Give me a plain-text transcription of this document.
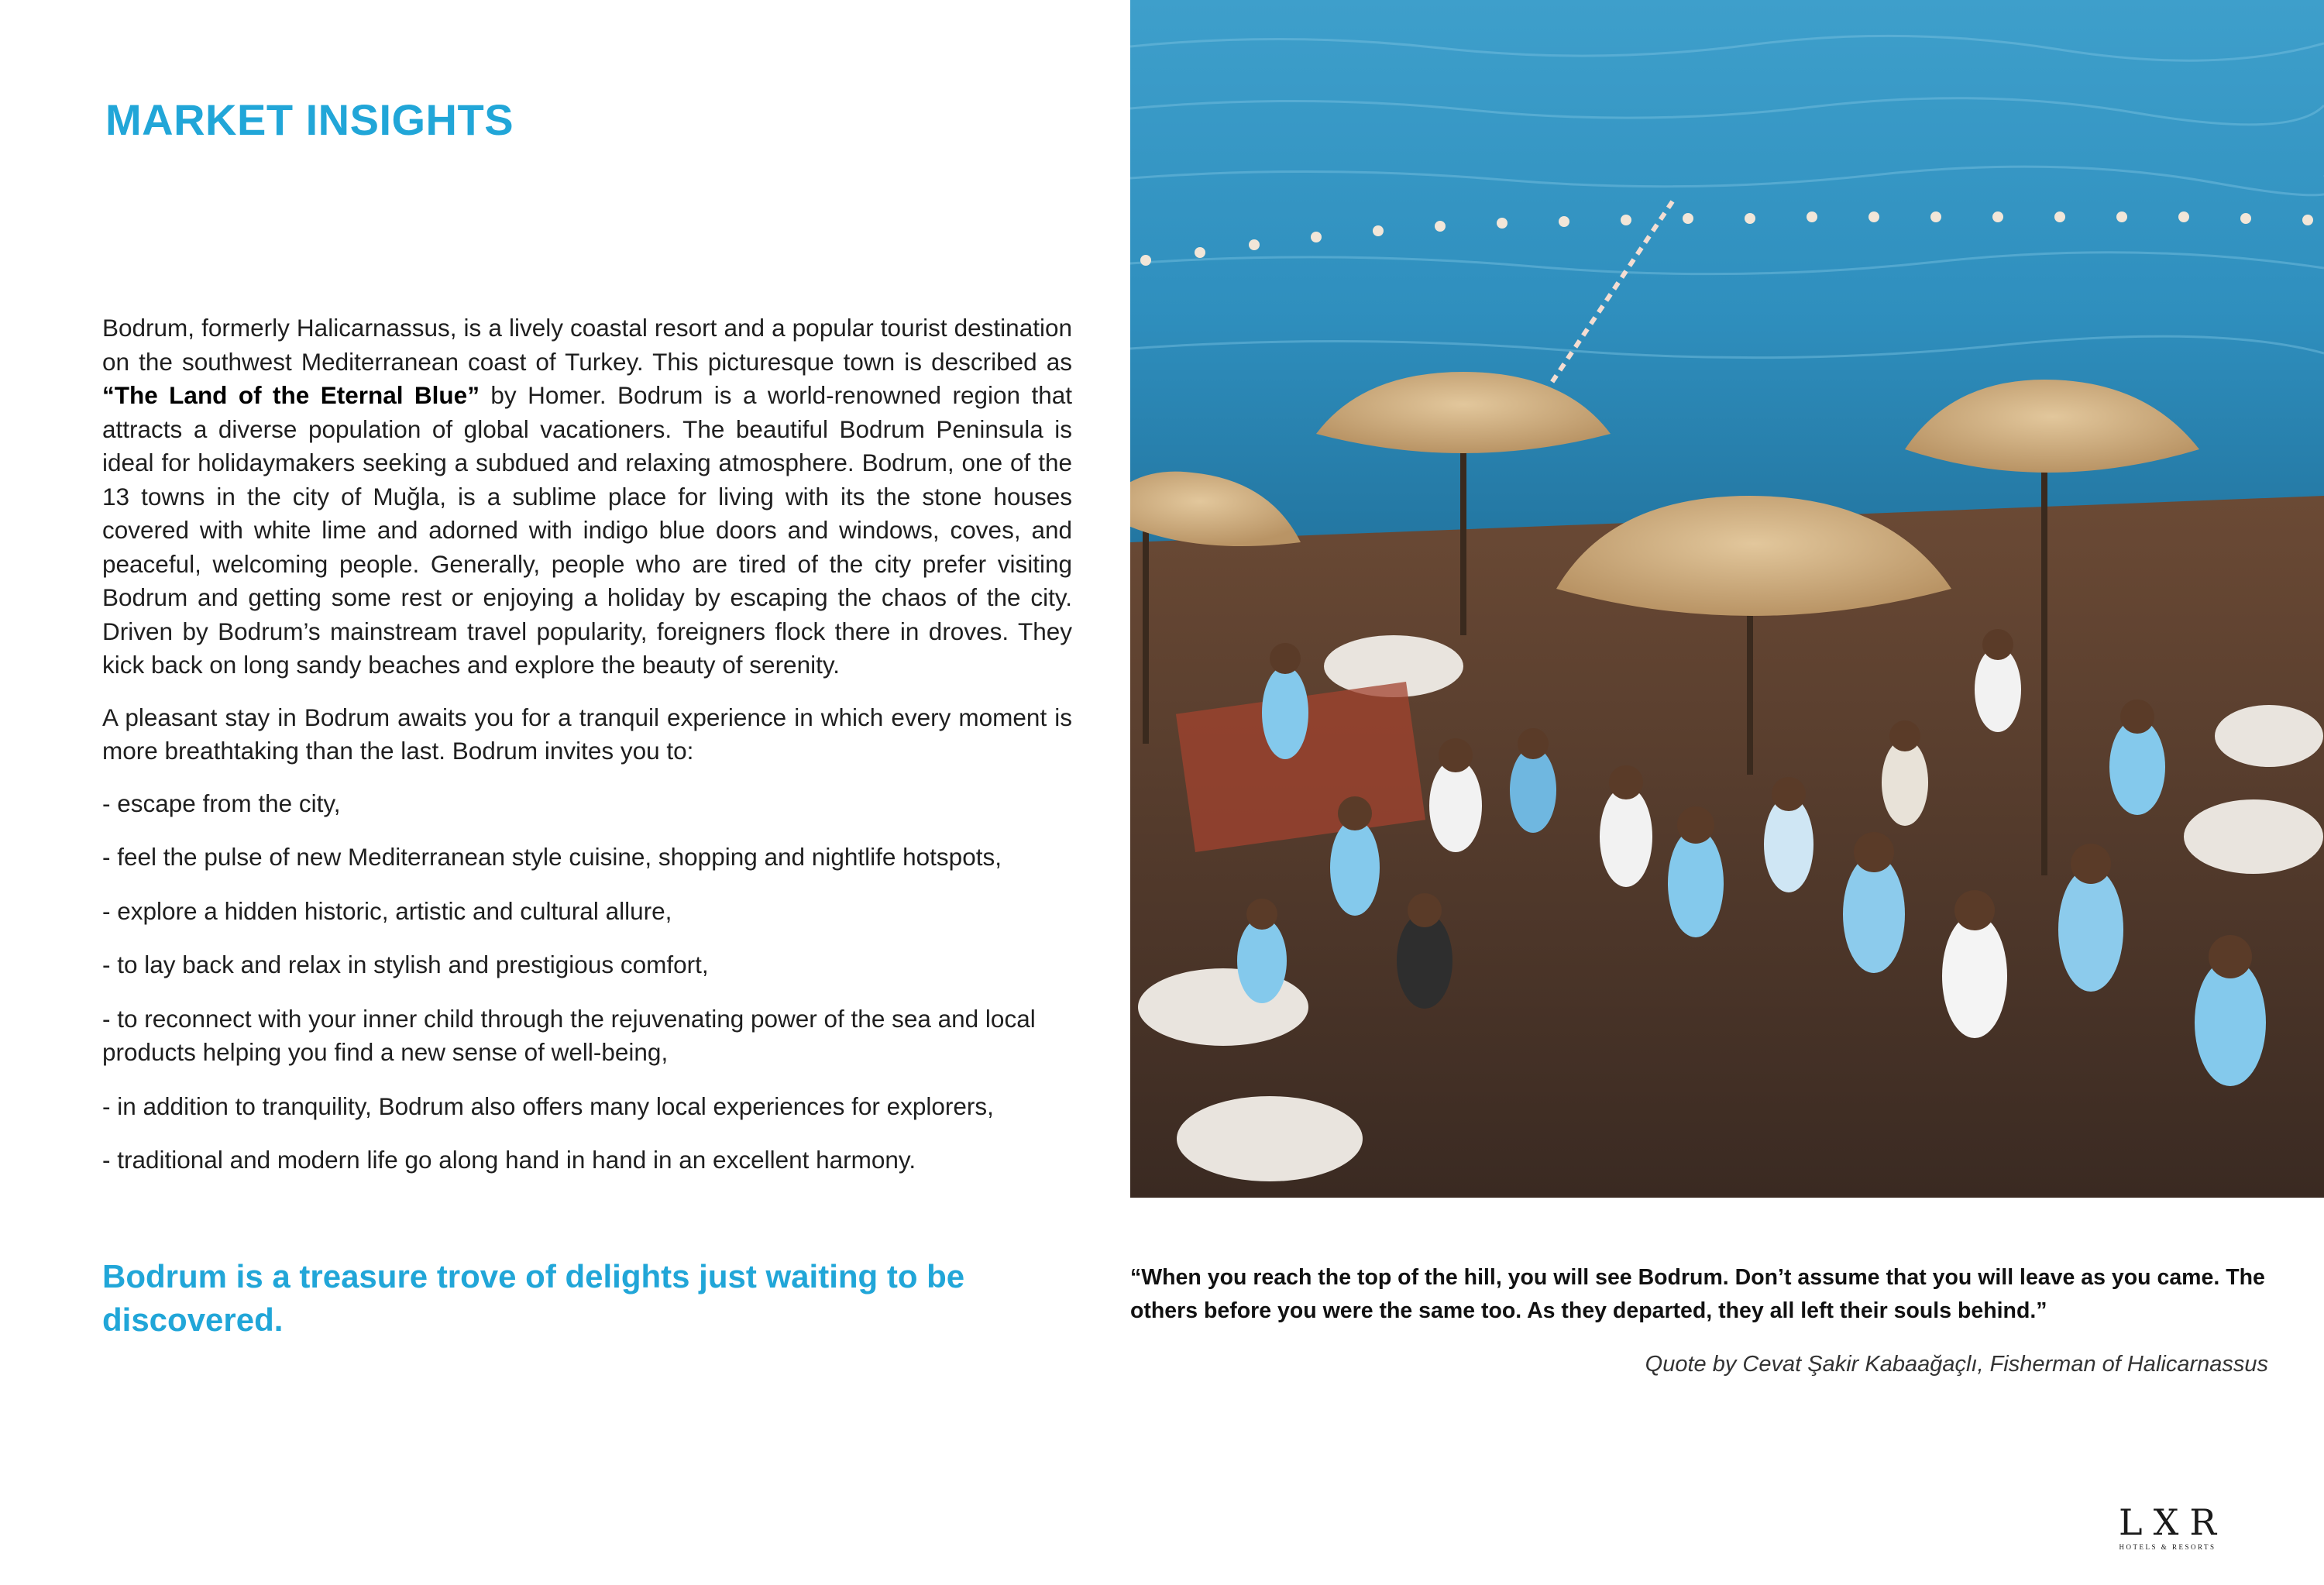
MARKET INSIGHTS

Bodrum, formerly Halicarnassus, is a lively coastal resort and a popular tourist destination on the southwest Mediterranean coast of Turkey. This picturesque town is described as “The Land of the Eternal Blue” by Homer. Bodrum is a world-renowned region that attracts a diverse population of global vacationers. The beautiful Bodrum Peninsula is ideal for holidaymakers seeking a subdued and relaxing atmosphere. Bodrum, one of the 13 towns in the city of Muğla, is a sublime place for living with its the stone houses covered with white lime and adorned with indigo blue doors and windows, coves, and peaceful, welcoming people. Generally, people who are tired of the city prefer visiting Bodrum and getting some rest or enjoying a holiday by escaping the chaos of the city. Driven by Bodrum’s mainstream travel popularity, foreigners flock there in droves. They kick back on long sandy beaches and explore the beauty of serenity.

A pleasant stay in Bodrum awaits you for a tranquil experience in which every moment is more breathtaking than the last. Bodrum invites you to:

- escape from the city,
- feel the pulse of new Mediterranean style cuisine, shopping and nightlife hotspots,
- explore a hidden historic, artistic and cultural allure,
- to lay back and relax in stylish and prestigious comfort,
- to reconnect with your inner child through the rejuvenating power of the sea and local products helping you find a new sense of well-being,
- in addition to tranquility, Bodrum also offers many local experiences for explorers,
- traditional and modern life go along hand in hand in an excellent harmony.

Bodrum is a treasure trove of delights just waiting to be discovered.

“When you reach the top of the hill, you will see Bodrum. Don’t assume that you will leave as you came. The others before you were the same too. As they departed, they all left their souls behind.”

Quote by Cevat Şakir Kabaağaçlı, Fisherman of Halicarnassus

LXR
HOTELS & RESORTS
